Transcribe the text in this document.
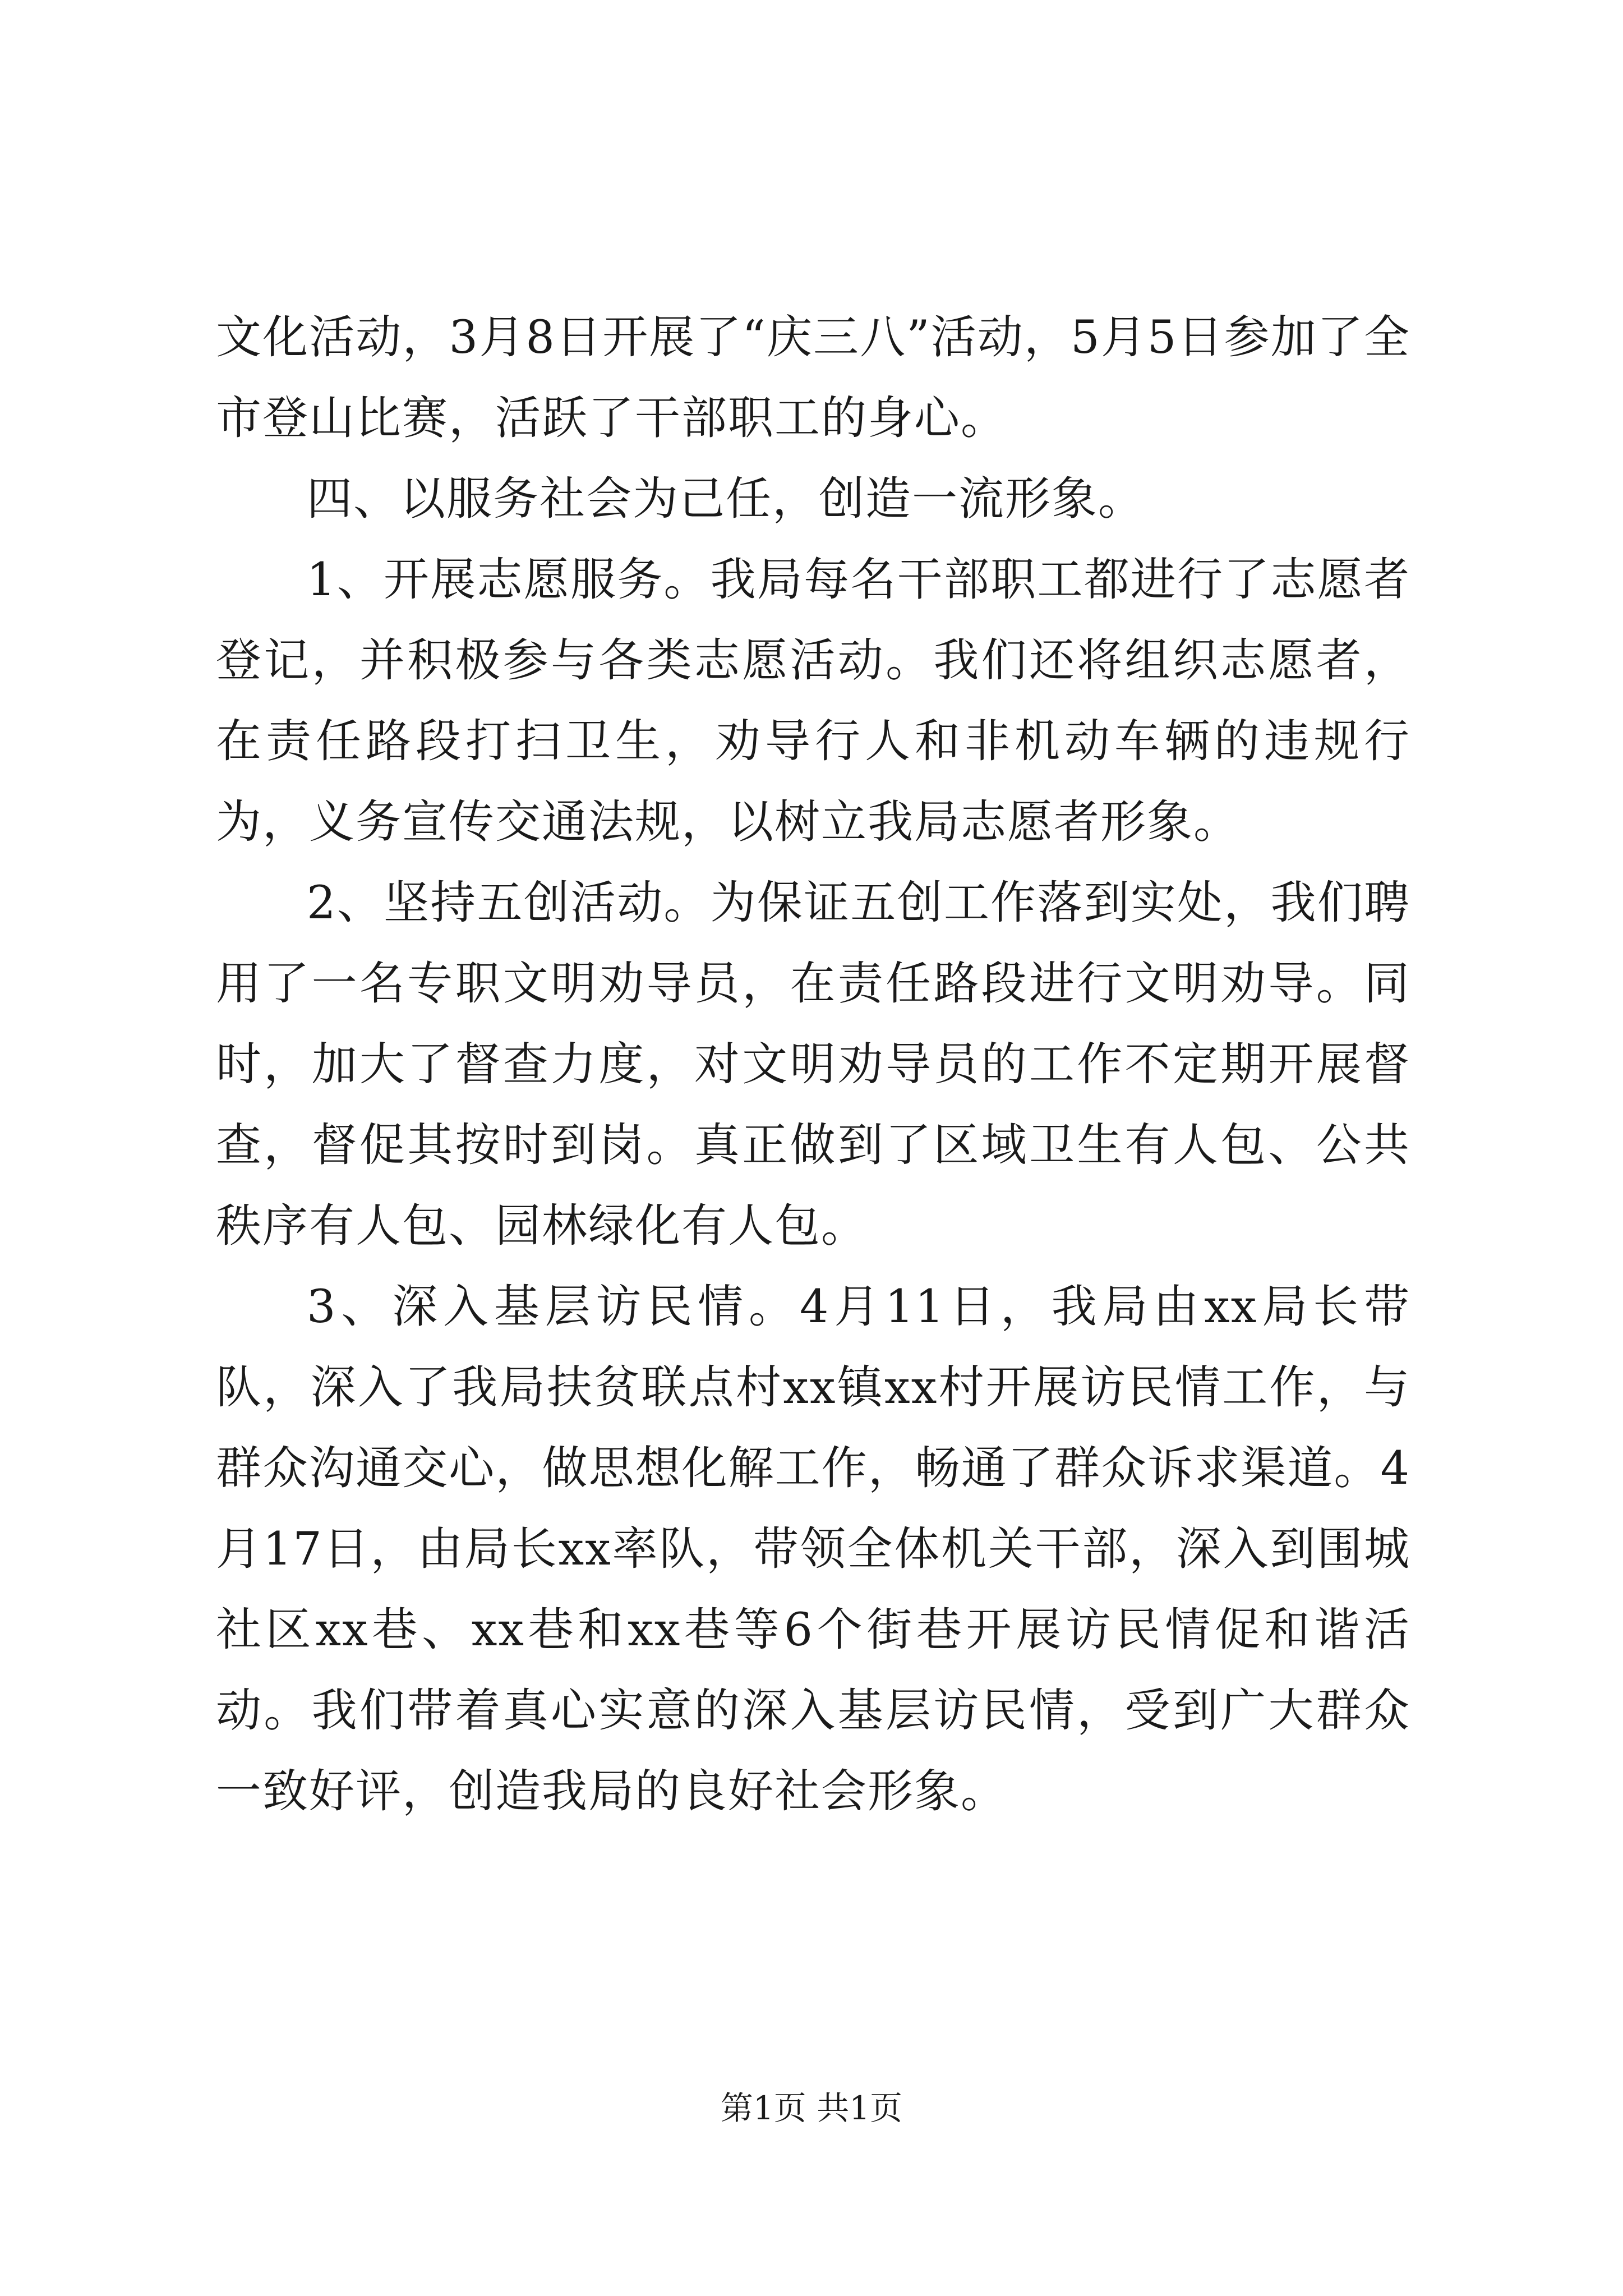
文化活动，3月8日开展了“庆三八”活动，5月5日参加了全市登山比赛，活跃了干部职工的身心。

四、以服务社会为己任，创造一流形象。

1、开展志愿服务。我局每名干部职工都进行了志愿者登记，并积极参与各类志愿活动。我们还将组织志愿者，在责任路段打扫卫生，劝导行人和非机动车辆的违规行为，义务宣传交通法规，以树立我局志愿者形象。

2、坚持五创活动。为保证五创工作落到实处，我们聘用了一名专职文明劝导员，在责任路段进行文明劝导。同时，加大了督查力度，对文明劝导员的工作不定期开展督查，督促其按时到岗。真正做到了区域卫生有人包、公共秩序有人包、园林绿化有人包。

3、深入基层访民情。4月11日，我局由xx局长带队，深入了我局扶贫联点村xx镇xx村开展访民情工作，与群众沟通交心，做思想化解工作，畅通了群众诉求渠道。4月17日，由局长xx率队，带领全体机关干部，深入到围城社区xx巷、xx巷和xx巷等6个街巷开展访民情促和谐活动。我们带着真心实意的深入基层访民情，受到广大群众一致好评，创造我局的良好社会形象。

第1页 共1页
